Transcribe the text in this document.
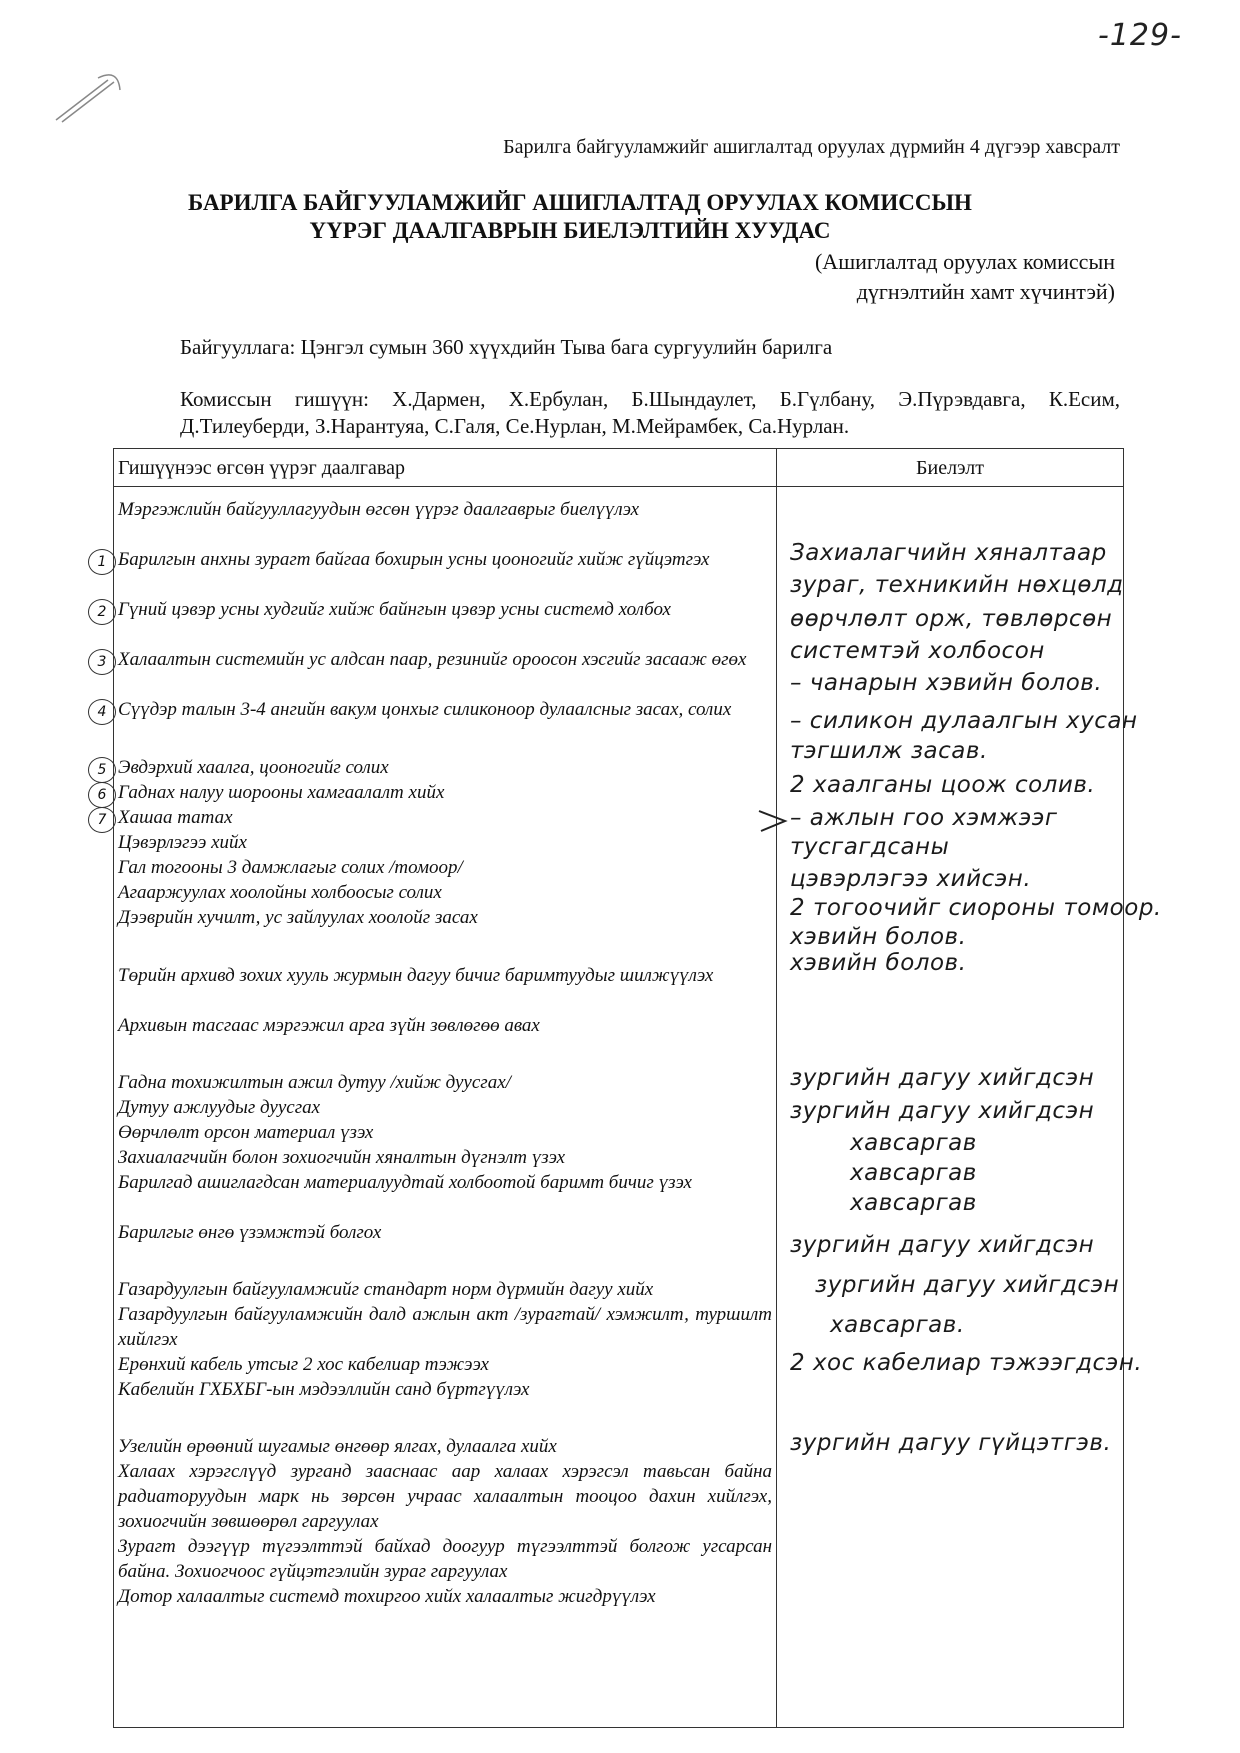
-129-
Барилга байгууламжийг ашиглалтад оруулах дүрмийн 4 дүгээр хавсралт
БАРИЛГА БАЙГУУЛАМЖИЙГ АШИГЛАЛТАД ОРУУЛАХ КОМИССЫН
ҮҮРЭГ ДААЛГАВРЫН БИЕЛЭЛТИЙН ХУУДАС
(Ашиглалтад оруулах комиссын
дүгнэлтийн хамт хүчинтэй)
Байгууллага: Цэнгэл сумын 360 хүүхдийн Тыва бага сургуулийн барилга
Комиссын гишүүн: Х.Дармен, Х.Ербулан, Б.Шындаулет, Б.Гүлбану, Э.Пүрэвдавга, К.Есим, Д.Тилеуберди, З.Нарантуяа, С.Галя, Се.Нурлан, М.Мейрамбек, Са.Нурлан.
Гишүүнээс өгсөн үүрэг даалгавар	Биелэлт
Мэргэжлийн байгууллагуудын өгсөн үүрэг даалгаврыг биелүүлэх
1 Барилгын анхны зурагт байгаа бохирын усны цооногийг хийж гүйцэтгэх
2 Гүний цэвэр усны худгийг хийж байнгын цэвэр усны системд холбох
3 Халаалтын системийн ус алдсан паар, резинийг ороосон хэсгийг засааж өгөх
4 Сүүдэр талын 3-4 ангийн вакум цонхыг силиконоор дулаалсныг засах, солих
5 Эвдэрхий хаалга, цооногийг солих
6 Гаднах налуу шорооны хамгаалалт хийх
7 Хашаа татах
Цэвэрлэгээ хийх
Гал тогооны 3 дамжлагыг солих /томоор/
Агааржуулах хоолойны холбоосыг солих
Дээврийн хучилт, ус зайлуулах хоолойг засах
Төрийн архивд зохих хууль журмын дагуу бичиг баримтуудыг шилжүүлэх
Архивын тасгаас мэргэжил арга зүйн зөвлөгөө авах
Гадна тохижилтын ажил дутуу /хийж дуусгах/
Дутуу ажлуудыг дуусгах
Өөрчлөлт орсон материал үзэх
Захиалагчийн болон зохиогчийн хяналтын дүгнэлт үзэх
Барилгад ашиглагдсан материалуудтай холбоотой баримт бичиг үзэх
Барилгыг өнгө үзэмжтэй болгох
Газардуулгын байгууламжийг стандарт норм дүрмийн дагуу хийх
Газардуулгын байгууламжийн далд ажлын акт /зурагтай/ хэмжилт, туршилт хийлгэх
Ерөнхий кабель утсыг 2 хос кабелиар тэжээх
Кабелийн ГХБХБГ-ын мэдээллийн санд бүртгүүлэх
Узелийн өрөөний шугамыг өнгөөр ялгах, дулаалга хийх
Халаах хэрэгслүүд зурганд зааснаас аар халаах хэрэгсэл тавьсан байна радиаторуудын марк нь зөрсөн учраас халаалтын тооцоо дахин хийлгэх, зохиогчийн зөвшөөрөл гаргуулах
Зурагт дээгүүр түгээлттэй байхад доогуур түгээлттэй болгож угсарсан байна. Зохиогчоос гүйцэтгэлийн зураг гаргуулах
Дотор халаалтыг системд тохиргоо хийх халаалтыг жигдрүүлэх
Захиалагчийн хяналтаар
зураг, техникийн нөхцөлд
өөрчлөлт орж, төвлөрсөн
системтэй холбосон
– чанарын хэвийн болов.
– силикон дулаалгын хусан
тэгшилж засав.
2 хаалганы цоож солив.
– ажлын гоо хэмжээг
тусгагдсаны
цэвэрлэгээ хийсэн.
2 тогоочийг сиороны томоор.
хэвийн болов.
хэвийн болов.
зургийн дагуу хийгдсэн
зургийн дагуу хийгдсэн
хавсаргав
хавсаргав
хавсаргав
зургийн дагуу хийгдсэн
зургийн дагуу хийгдсэн
хавсаргав.
2 хос кабелиар тэжээгдсэн.
зургийн дагуу гүйцэтгэв.
